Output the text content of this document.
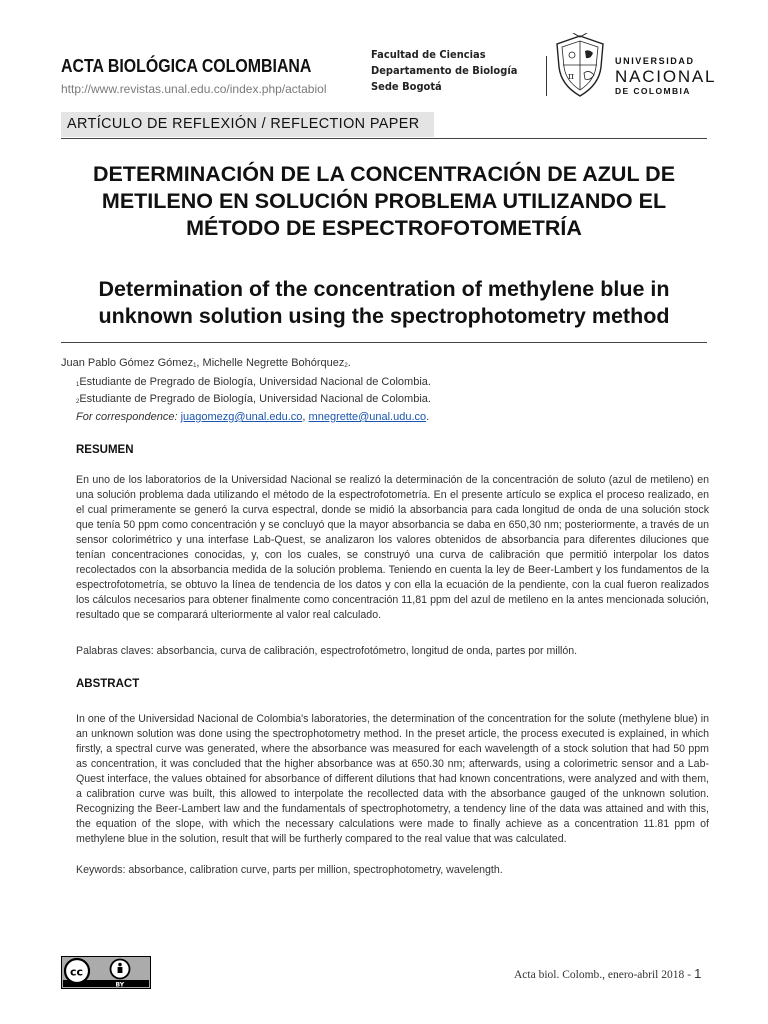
ACTA BIOLÓGICA COLOMBIANA
http://www.revistas.unal.edu.co/index.php/actabiol
Facultad de Ciencias
Departamento de Biología
Sede Bogotá
π
UNIVERSIDAD
NACIONAL
DE COLOMBIA
ARTÍCULO DE REFLEXIÓN / REFLECTION PAPER
DETERMINACIÓN DE LA CONCENTRACIÓN DE AZUL DE METILENO EN SOLUCIÓN PROBLEMA UTILIZANDO EL MÉTODO DE ESPECTROFOTOMETRÍA
Determination of the concentration of methylene blue in unknown solution using the spectrophotometry method
Juan Pablo Gómez Gómez$_1$, Michelle Negrette Bohórquez$_2$.
$_1$Estudiante de Pregrado de Biología, Universidad Nacional de Colombia.
$_2$Estudiante de Pregrado de Biología, Universidad Nacional de Colombia.
For correspondence: juagomezg@unal.edu.co, mnegrette@unal.udu.co.
RESUMEN
En uno de los laboratorios de la Universidad Nacional se realizó la determinación de la concentración de soluto (azul de metileno) en una solución problema dada utilizando el método de la espectrofotometría. En el presente artículo se explica el proceso realizado, en el cual primeramente se generó la curva espectral, donde se midió la absorbancia para cada longitud de onda de una solución stock que tenía 50 ppm como concentración y se concluyó que la mayor absorbancia se daba en 650,30 nm; posteriormente, a través de un sensor colorimétrico y una interfase Lab-Quest, se analizaron los valores obtenidos de absorbancia para diferentes diluciones que tenían concentraciones conocidas, y, con los cuales, se construyó una curva de calibración que permitió interpolar los datos recolectados con la absorbancia medida de la solución problema. Teniendo en cuenta la ley de Beer-Lambert y los fundamentos de la espectrofotometría, se obtuvo la línea de tendencia de los datos y con ella la ecuación de la pendiente, con la cual fueron realizados los cálculos necesarios para obtener finalmente como concentración 11,81 ppm del azul de metileno en la antes mencionada solución, resultado que se comparará ulteriormente al valor real calculado.
Palabras claves: absorbancia, curva de calibración, espectrofotómetro, longitud de onda, partes por millón.
ABSTRACT
In one of the Universidad Nacional de Colombia's laboratories, the determination of the concentration for the solute (methylene blue) in an unknown solution was done using the spectrophotometry method. In the preset article, the process executed is explained, in which firstly, a spectral curve was generated, where the absorbance was measured for each wavelength of a stock solution that had 50 ppm as concentration, it was concluded that the higher absorbance was at 650.30 nm; afterwards, using a colorimetric sensor and a Lab-Quest interface, the values obtained for absorbance of different dilutions that had known concentrations, were analyzed and with them, a calibration curve was built, this allowed to interpolate the recollected data with the absorbance gauged of the unknown solution. Recognizing the Beer-Lambert law and the fundamentals of spectrophotometry, a tendency line of the data was attained and with this, the equation of the slope, with which the necessary calculations were made to finally achieve as a concentration 11.81 ppm of methylene blue in the solution, result that will be furtherly compared to the real value that was calculated.
Keywords: absorbance, calibration curve, parts per million, spectrophotometry, wavelength.
cc
BY
Acta biol. Colomb., enero-abril 2018 - 1
